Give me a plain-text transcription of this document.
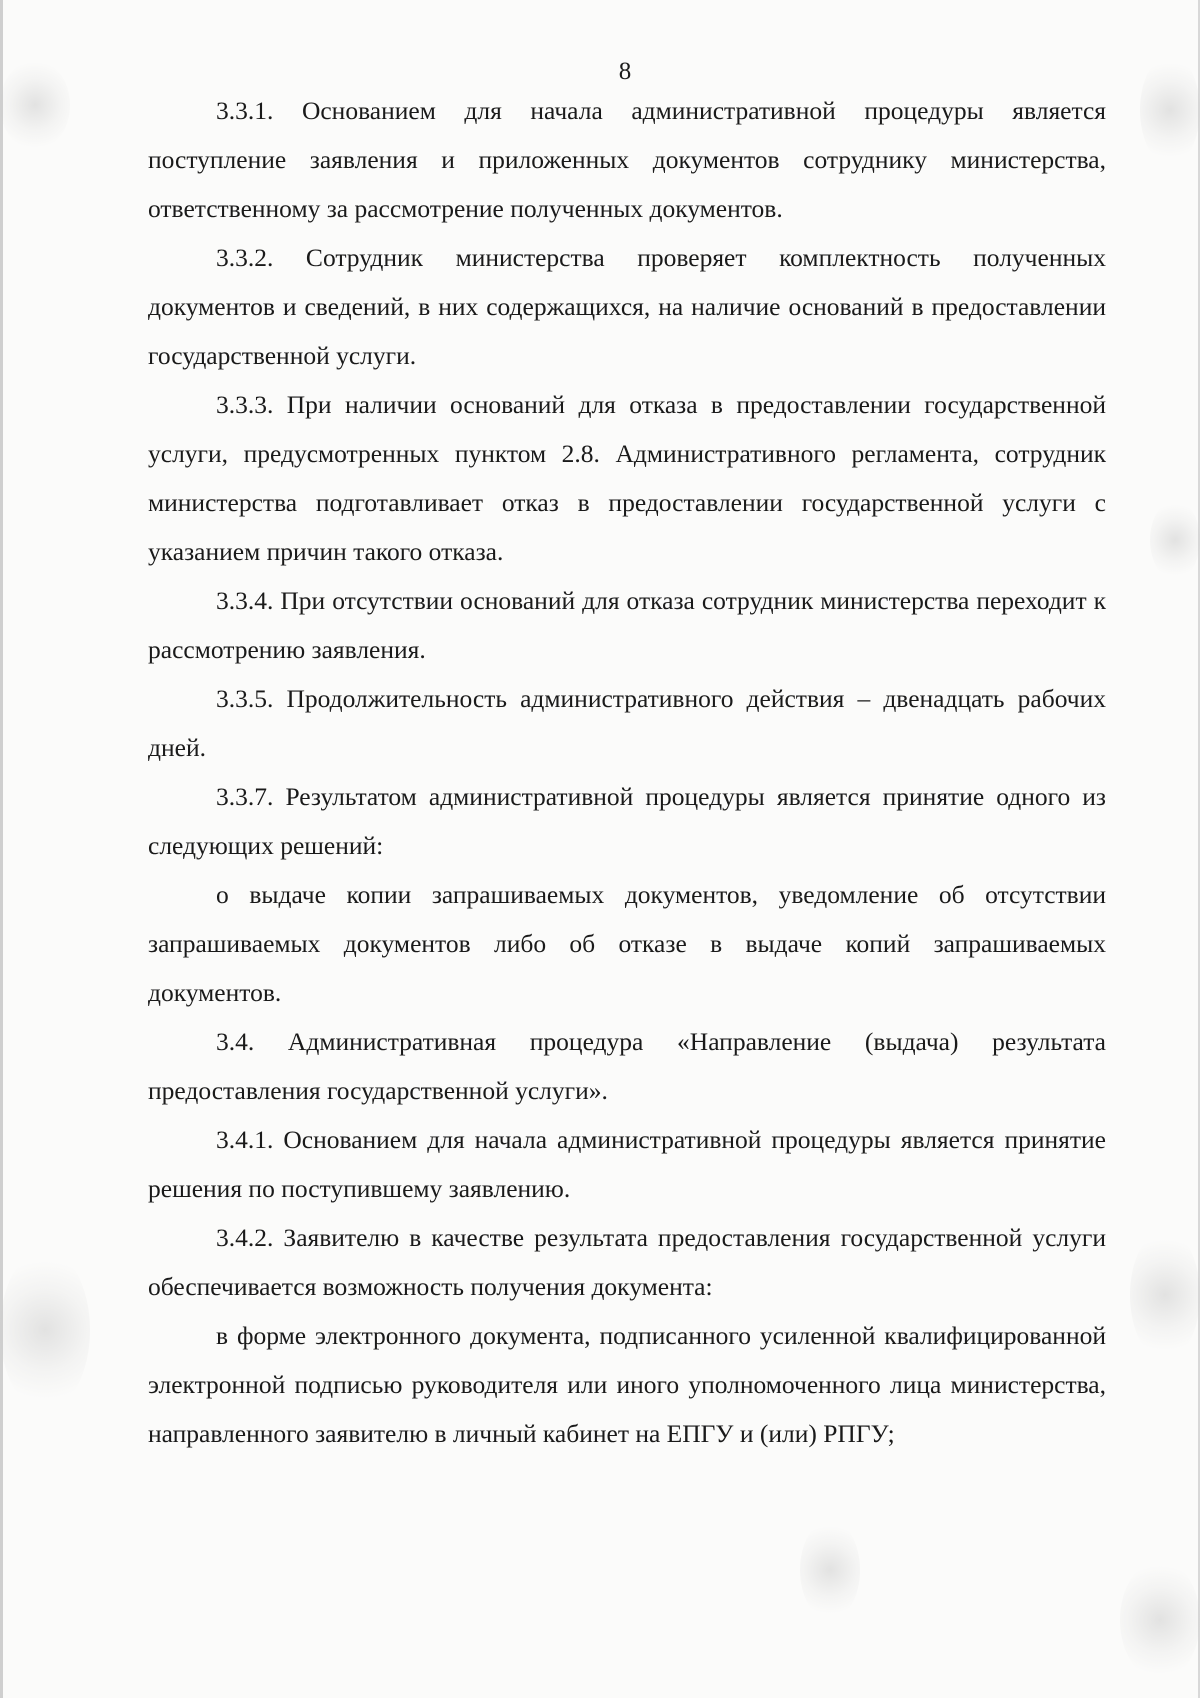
8

3.3.1. Основанием для начала административной процедуры является поступление заявления и приложенных документов сотруднику министерства, ответственному за рассмотрение полученных документов.

3.3.2. Сотрудник министерства проверяет комплектность полученных документов и сведений, в них содержащихся, на наличие оснований в предоставлении государственной услуги.

3.3.3. При наличии оснований для отказа в предоставлении государственной услуги, предусмотренных пунктом 2.8. Административного регламента, сотрудник министерства подготавливает отказ в предоставлении государственной услуги с указанием причин такого отказа.

3.3.4. При отсутствии оснований для отказа сотрудник министерства переходит к рассмотрению заявления.

3.3.5. Продолжительность административного действия – двенадцать рабочих дней.

3.3.7. Результатом административной процедуры является принятие одного из следующих решений:

о выдаче копии запрашиваемых документов, уведомление об отсутствии запрашиваемых документов либо об отказе в выдаче копий запрашиваемых документов.

3.4. Административная процедура «Направление (выдача) результата предоставления государственной услуги».

3.4.1. Основанием для начала административной процедуры является принятие решения по поступившему заявлению.

3.4.2. Заявителю в качестве результата предоставления государственной услуги обеспечивается возможность получения документа:

в форме электронного документа, подписанного усиленной квалифицированной электронной подписью руководителя или иного уполномоченного лица министерства, направленного заявителю в личный кабинет на ЕПГУ и (или) РПГУ;
